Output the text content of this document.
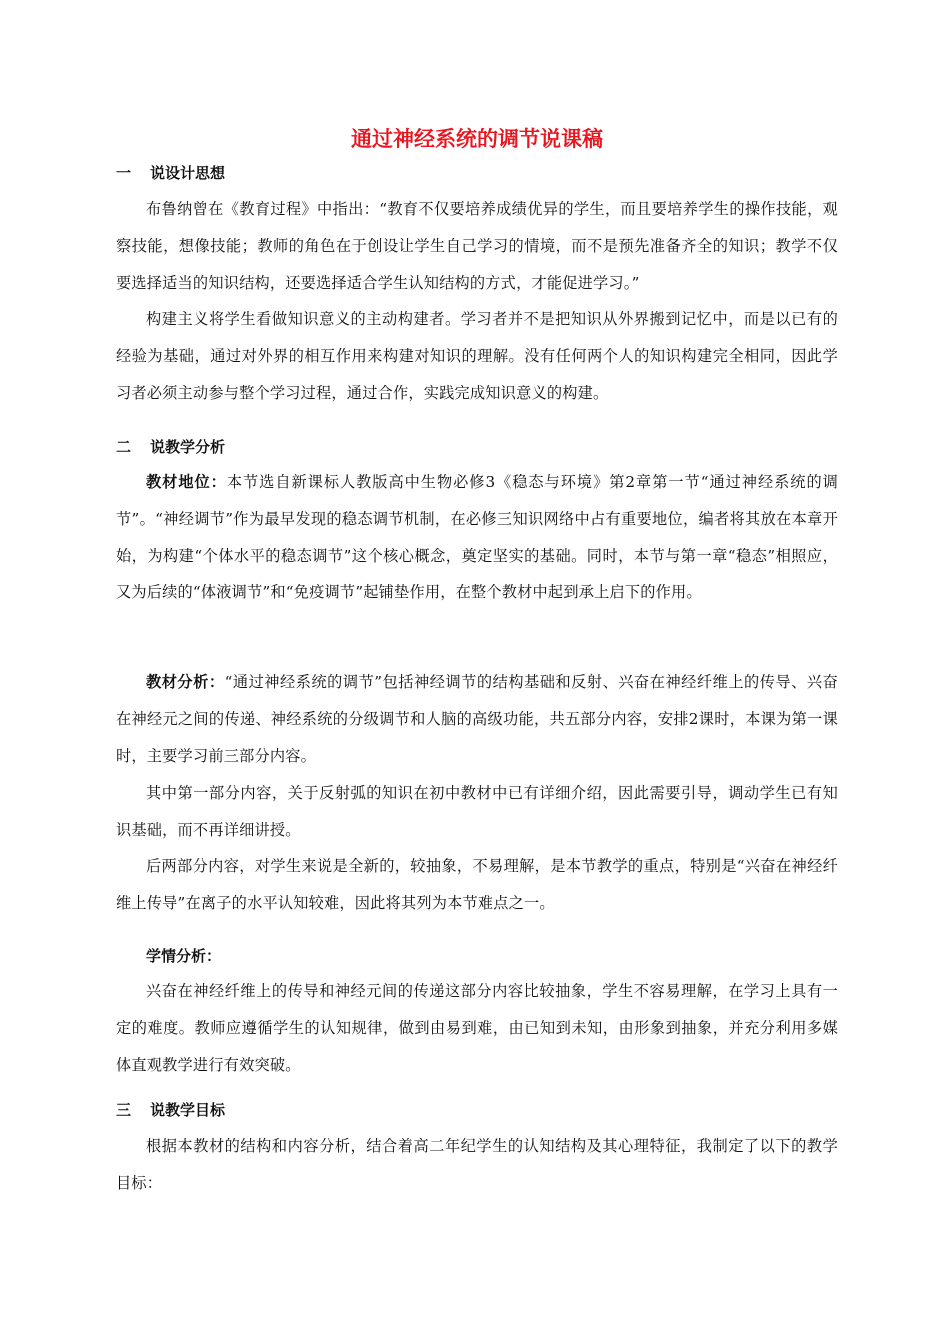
通过神经系统的调节说课稿
一 说设计思想

布鲁纳曾在《教育过程》中指出：“教育不仅要培养成绩优异的学生，而且要培养学生的操作技能，观察技能，想像技能；教师的角色在于创设让学生自己学习的情境，而不是预先准备齐全的知识；教学不仅要选择适当的知识结构，还要选择适合学生认知结构的方式，才能促进学习。”

构建主义将学生看做知识意义的主动构建者。学习者并不是把知识从外界搬到记忆中，而是以已有的经验为基础，通过对外界的相互作用来构建对知识的理解。没有任何两个人的知识构建完全相同，因此学习者必须主动参与整个学习过程，通过合作，实践完成知识意义的构建。

二 说教学分析

教材地位：本节选自新课标人教版高中生物必修3《稳态与环境》第2章第一节“通过神经系统的调节”。“神经调节”作为最早发现的稳态调节机制，在必修三知识网络中占有重要地位，编者将其放在本章开始，为构建“个体水平的稳态调节”这个核心概念，奠定坚实的基础。同时，本节与第一章“稳态”相照应，又为后续的“体液调节”和“免疫调节”起铺垫作用，在整个教材中起到承上启下的作用。

教材分析：“通过神经系统的调节”包括神经调节的结构基础和反射、兴奋在神经纤维上的传导、兴奋在神经元之间的传递、神经系统的分级调节和人脑的高级功能，共五部分内容，安排2课时，本课为第一课时，主要学习前三部分内容。

其中第一部分内容，关于反射弧的知识在初中教材中已有详细介绍，因此需要引导，调动学生已有知识基础，而不再详细讲授。

后两部分内容，对学生来说是全新的，较抽象，不易理解，是本节教学的重点，特别是“兴奋在神经纤维上传导”在离子的水平认知较难，因此将其列为本节难点之一。

学情分析：

兴奋在神经纤维上的传导和神经元间的传递这部分内容比较抽象，学生不容易理解，在学习上具有一定的难度。教师应遵循学生的认知规律，做到由易到难，由已知到未知，由形象到抽象，并充分利用多媒体直观教学进行有效突破。

三 说教学目标

根据本教材的结构和内容分析，结合着高二年纪学生的认知结构及其心理特征，我制定了以下的教学目标：
